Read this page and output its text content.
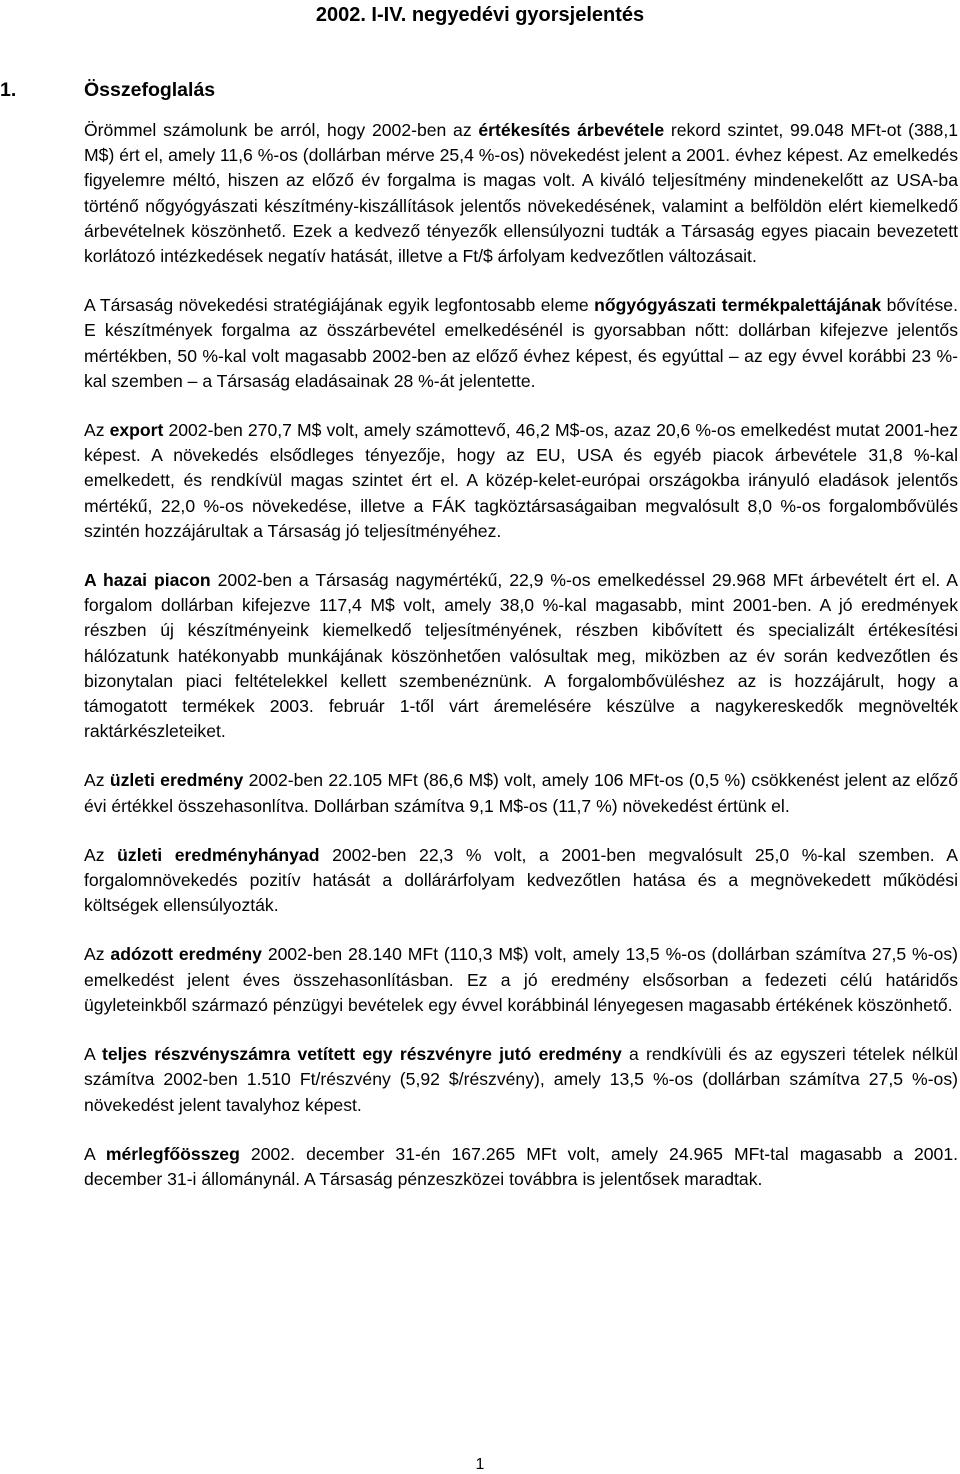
2002. I-IV. negyedévi gyorsjelentés
1.	Összefoglalás

Örömmel számolunk be arról, hogy 2002-ben az értékesítés árbevétele rekord szintet, 99.048 MFt-ot (388,1 M$) ért el, amely 11,6 %-os (dollárban mérve 25,4 %-os) növekedést jelent a 2001. évhez képest. Az emelkedés figyelemre méltó, hiszen az előző év forgalma is magas volt. A kiváló teljesítmény mindenekelőtt az USA-ba történő nőgyógyászati készítmény-kiszállítások jelentős növekedésének, valamint a belföldön elért kiemelkedő árbevételnek köszönhető. Ezek a kedvező tényezők ellensúlyozni tudták a Társaság egyes piacain bevezetett korlátozó intézkedések negatív hatását, illetve a Ft/$ árfolyam kedvezőtlen változásait.

A Társaság növekedési stratégiájának egyik legfontosabb eleme nőgyógyászati termékpalettájának bővítése. E készítmények forgalma az összárbevétel emelkedésénél is gyorsabban nőtt: dollárban kifejezve jelentős mértékben, 50 %-kal volt magasabb 2002-ben az előző évhez képest, és egyúttal – az egy évvel korábbi 23 %-kal szemben – a Társaság eladásainak 28 %-át jelentette.

Az export 2002-ben 270,7 M$ volt, amely számottevő, 46,2 M$-os, azaz 20,6 %-os emelkedést mutat 2001-hez képest. A növekedés elsődleges tényezője, hogy az EU, USA és egyéb piacok árbevétele 31,8 %-kal emelkedett, és rendkívül magas szintet ért el. A közép-kelet-európai országokba irányuló eladások jelentős mértékű, 22,0 %-os növekedése, illetve a FÁK tagköztársaságaiban megvalósult 8,0 %-os forgalombővülés szintén hozzájárultak a Társaság jó teljesítményéhez.

A hazai piacon 2002-ben a Társaság nagymértékű, 22,9 %-os emelkedéssel 29.968 MFt árbevételt ért el. A forgalom dollárban kifejezve 117,4 M$ volt, amely 38,0 %-kal magasabb, mint 2001-ben. A jó eredmények részben új készítményeink kiemelkedő teljesítményének, részben kibővített és specializált értékesítési hálózatunk hatékonyabb munkájának köszönhetően valósultak meg, miközben az év során kedvezőtlen és bizonytalan piaci feltételekkel kellett szembenéznünk. A forgalombővüléshez az is hozzájárult, hogy a támogatott termékek 2003. február 1-től várt áremelésére készülve a nagykereskedők megnövelték raktárkészleteiket.

Az üzleti eredmény 2002-ben 22.105 MFt (86,6 M$) volt, amely 106 MFt-os (0,5 %) csökkenést jelent az előző évi értékkel összehasonlítva. Dollárban számítva 9,1 M$-os (11,7 %) növekedést értünk el.

Az üzleti eredményhányad 2002-ben 22,3 % volt, a 2001-ben megvalósult 25,0 %-kal szemben. A forgalomnövekedés pozitív hatását a dollárárfolyam kedvezőtlen hatása és a megnövekedett működési költségek ellensúlyozták.

Az adózott eredmény 2002-ben 28.140 MFt (110,3 M$) volt, amely 13,5 %-os (dollárban számítva 27,5 %-os) emelkedést jelent éves összehasonlításban. Ez a jó eredmény elsősorban a fedezeti célú határidős ügyleteinkből származó pénzügyi bevételek egy évvel korábbinál lényegesen magasabb értékének köszönhető.

A teljes részvényszámra vetített egy részvényre jutó eredmény a rendkívüli és az egyszeri tételek nélkül számítva 2002-ben 1.510 Ft/részvény (5,92 $/részvény), amely 13,5 %-os (dollárban számítva 27,5 %-os) növekedést jelent tavalyhoz képest.

A mérlegfőösszeg 2002. december 31-én 167.265 MFt volt, amely 24.965 MFt-tal magasabb a 2001. december 31-i állománynál. A Társaság pénzeszközei továbbra is jelentősek maradtak.

1
